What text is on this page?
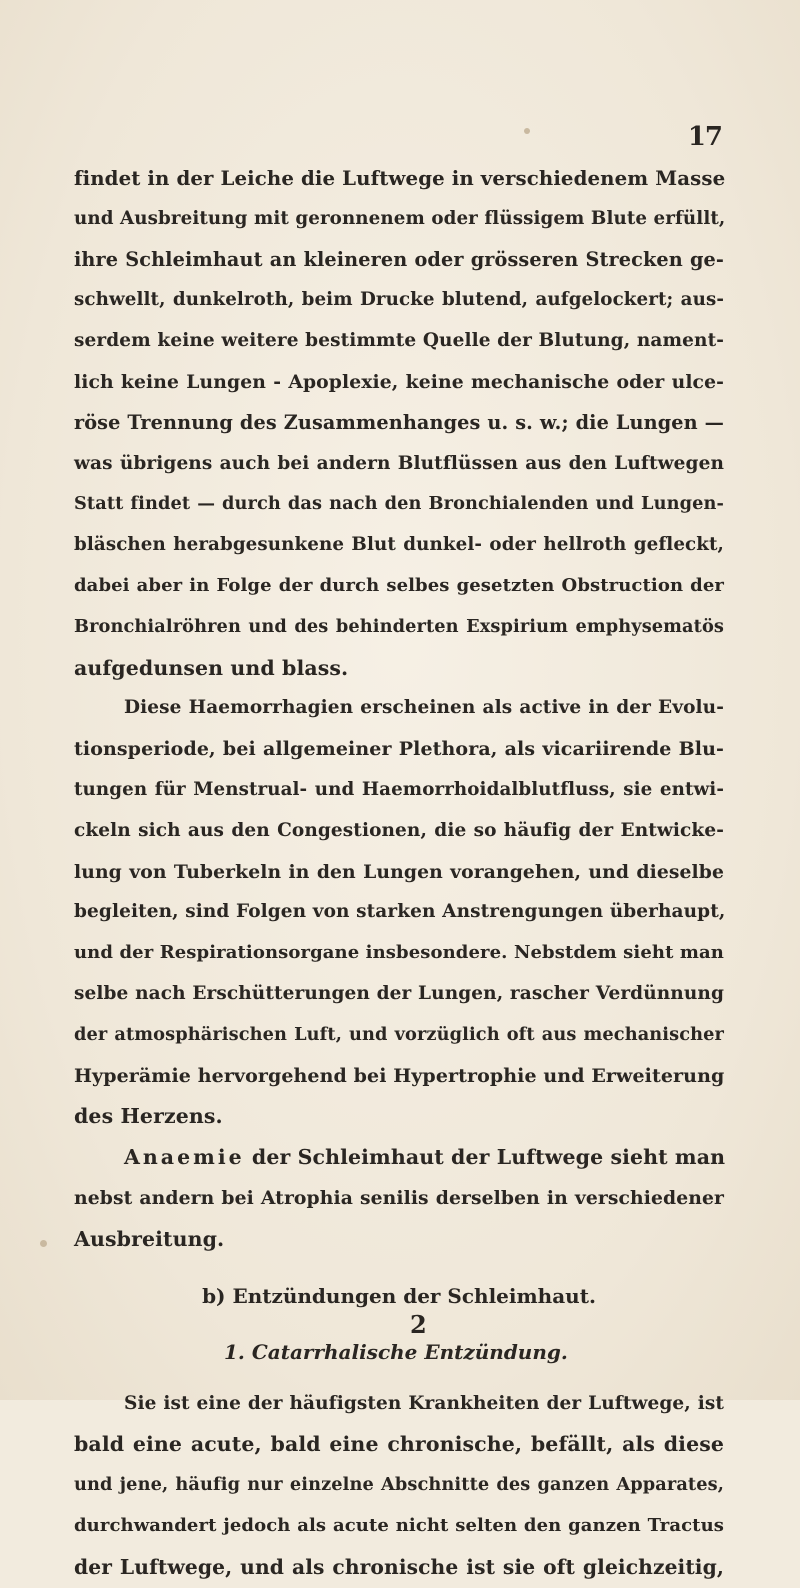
17
findet in der Leiche die Luftwege in verschiedenem Masse
und Ausbreitung mit geronnenem oder flüssigem Blute erfüllt,
ihre Schleimhaut an kleineren oder grösseren Strecken ge-
schwellt, dunkelroth, beim Drucke blutend, aufgelockert; aus-
serdem keine weitere bestimmte Quelle der Blutung, nament-
lich keine Lungen - Apoplexie, keine mechanische oder ulce-
röse Trennung des Zusammenhanges u. s. w.; die Lungen —
was übrigens auch bei andern Blutflüssen aus den Luftwegen
Statt findet — durch das nach den Bronchialenden und Lungen-
bläschen herabgesunkene Blut dunkel- oder hellroth gefleckt,
dabei aber in Folge der durch selbes gesetzten Obstruction der
Bronchialröhren und des behinderten Exspirium emphysematös
aufgedunsen und blass.
Diese Haemorrhagien erscheinen als active in der Evolu-
tionsperiode, bei allgemeiner Plethora, als vicariirende Blu-
tungen für Menstrual- und Haemorrhoidalblutfluss, sie entwi-
ckeln sich aus den Congestionen, die so häufig der Entwicke-
lung von Tuberkeln in den Lungen vorangehen, und dieselbe
begleiten, sind Folgen von starken Anstrengungen überhaupt,
und der Respirationsorgane insbesondere. Nebstdem sieht man
selbe nach Erschütterungen der Lungen, rascher Verdünnung
der atmosphärischen Luft, und vorzüglich oft aus mechanischer
Hyperämie hervorgehend bei Hypertrophie und Erweiterung
des Herzens.
Anaemie der Schleimhaut der Luftwege sieht man
nebst andern bei Atrophia senilis derselben in verschiedener
Ausbreitung.
b) Entzündungen der Schleimhaut.
1. Catarrhalische Entzündung.
Sie ist eine der häufigsten Krankheiten der Luftwege, ist
bald eine acute, bald eine chronische, befällt, als diese
und jene, häufig nur einzelne Abschnitte des ganzen Apparates,
durchwandert jedoch als acute nicht selten den ganzen Tractus
der Luftwege, und als chronische ist sie oft gleichzeitig,
2
